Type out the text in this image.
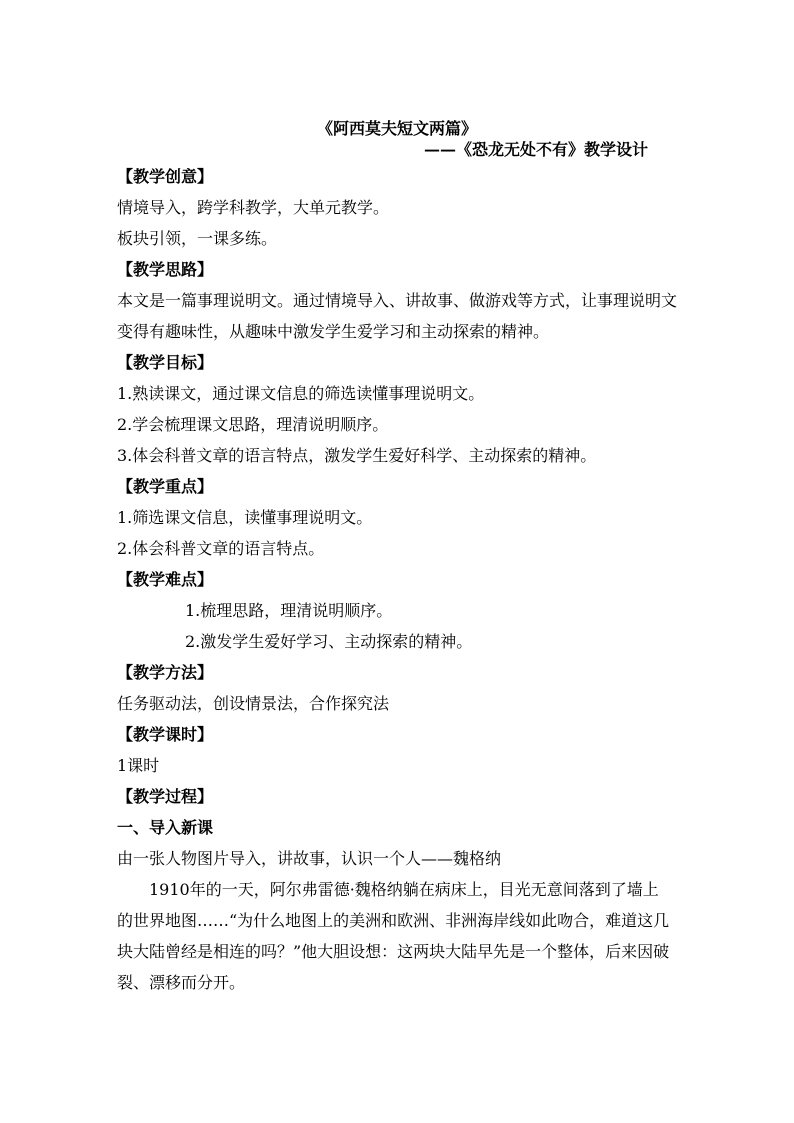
《阿西莫夫短文两篇》

——《恐龙无处不有》教学设计

【教学创意】

情境导入，跨学科教学，大单元教学。

板块引领，一课多练。

【教学思路】

本文是一篇事理说明文。通过情境导入、讲故事、做游戏等方式，让事理说明文

变得有趣味性，从趣味中激发学生爱学习和主动探索的精神。

【教学目标】

1.熟读课文，通过课文信息的筛选读懂事理说明文。

2.学会梳理课文思路，理清说明顺序。

3.体会科普文章的语言特点，激发学生爱好科学、主动探索的精神。

【教学重点】

1.筛选课文信息，读懂事理说明文。

2.体会科普文章的语言特点。

【教学难点】

1.梳理思路，理清说明顺序。

2.激发学生爱好学习、主动探索的精神。

【教学方法】

任务驱动法，创设情景法，合作探究法

【教学课时】

1课时

【教学过程】

一、导入新课

由一张人物图片导入，讲故事，认识一个人——魏格纳

1910年的一天，阿尔弗雷德·魏格纳躺在病床上，目光无意间落到了墙上

的世界地图……“为什么地图上的美洲和欧洲、非洲海岸线如此吻合，难道这几

块大陆曾经是相连的吗？”他大胆设想：这两块大陆早先是一个整体，后来因破

裂、漂移而分开。
